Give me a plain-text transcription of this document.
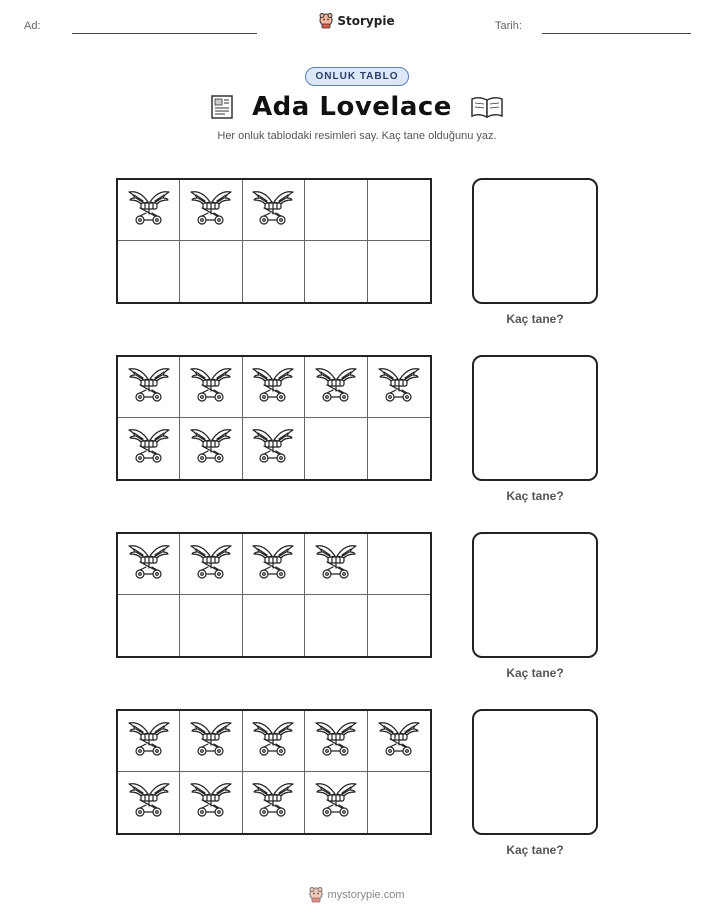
Ad:	Storypie	Tarih:
ONLUK TABLO
Ada Lovelace
Her onluk tablodaki resimleri say. Kaç tane olduğunu yaz.
Kaç tane?
Kaç tane?
Kaç tane?
Kaç tane?
mystorypie.com
